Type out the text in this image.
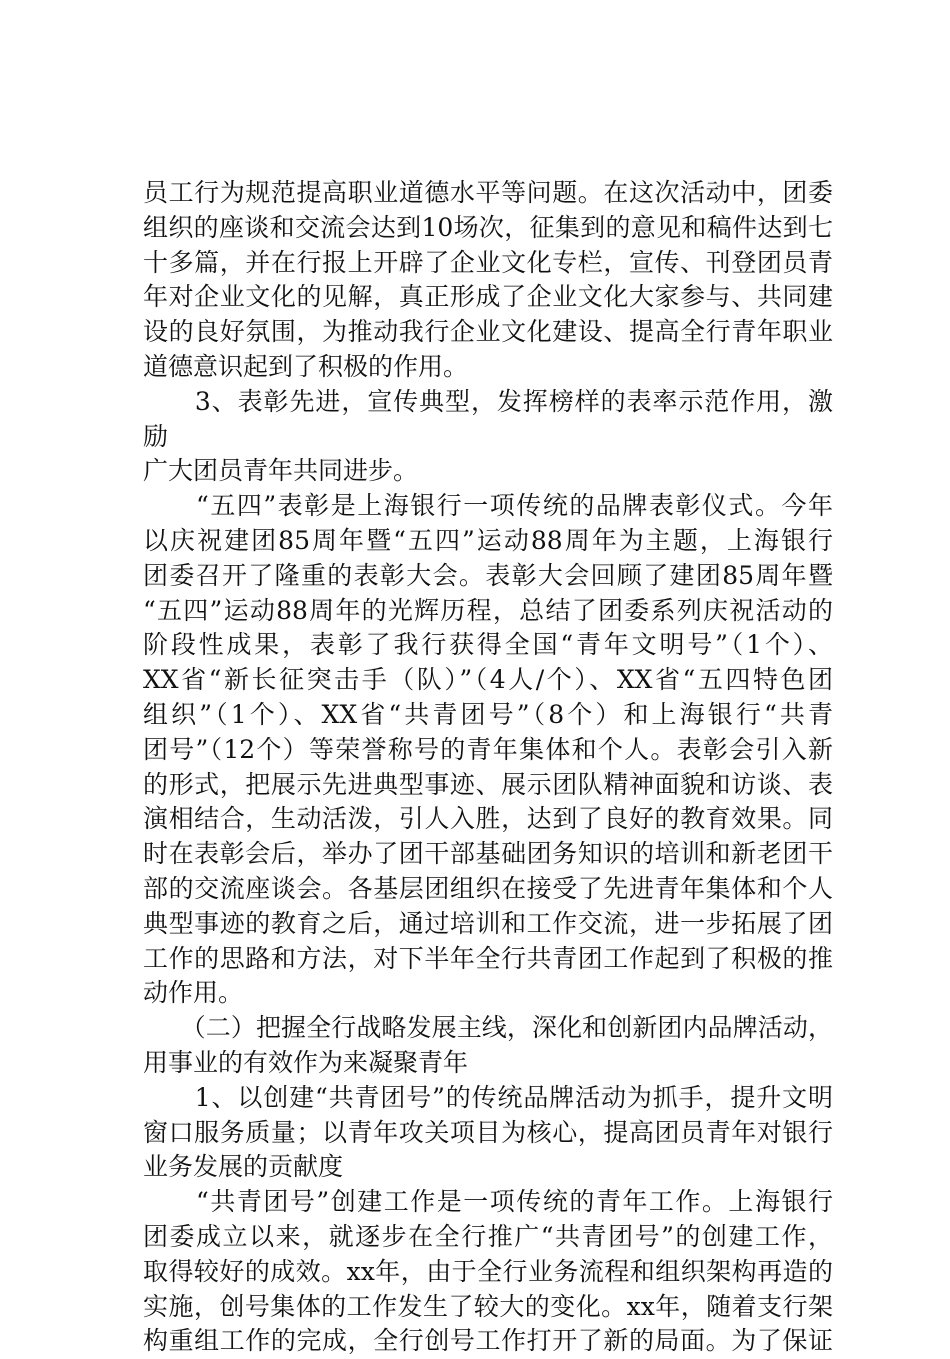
员工行为规范提高职业道德水平等问题。在这次活动中，团委
组织的座谈和交流会达到10场次，征集到的意见和稿件达到七
十多篇，并在行报上开辟了企业文化专栏，宣传、刊登团员青
年对企业文化的见解，真正形成了企业文化大家参与、共同建
设的良好氛围，为推动我行企业文化建设、提高全行青年职业
道德意识起到了积极的作用。
　　3、表彰先进，宣传典型，发挥榜样的表率示范作用，激励
广大团员青年共同进步。
　　“五四”表彰是上海银行一项传统的品牌表彰仪式。今年
以庆祝建团85周年暨“五四”运动88周年为主题，上海银行
团委召开了隆重的表彰大会。表彰大会回顾了建团85周年暨
“五四”运动88周年的光辉历程，总结了团委系列庆祝活动的
阶段性成果，表彰了我行获得全国“青年文明号”（1个）、
XX省“新长征突击手（队）”（4人/个）、XX省“五四特色团
组织”（1个）、XX省“共青团号”（8个）和上海银行“共青
团号”（12个）等荣誉称号的青年集体和个人。表彰会引入新
的形式，把展示先进典型事迹、展示团队精神面貌和访谈、表
演相结合，生动活泼，引人入胜，达到了良好的教育效果。同
时在表彰会后，举办了团干部基础团务知识的培训和新老团干
部的交流座谈会。各基层团组织在接受了先进青年集体和个人
典型事迹的教育之后，通过培训和工作交流，进一步拓展了团
工作的思路和方法，对下半年全行共青团工作起到了积极的推
动作用。
　　（二）把握全行战略发展主线，深化和创新团内品牌活动，
用事业的有效作为来凝聚青年
　　1、以创建“共青团号”的传统品牌活动为抓手，提升文明
窗口服务质量；以青年攻关项目为核心，提高团员青年对银行
业务发展的贡献度
　　“共青团号”创建工作是一项传统的青年工作。上海银行
团委成立以来，就逐步在全行推广“共青团号”的创建工作，
取得较好的成效。xx年，由于全行业务流程和组织架构再造的
实施，创号集体的工作发生了较大的变化。xx年，随着支行架
构重组工作的完成，全行创号工作打开了新的局面。为了保证
